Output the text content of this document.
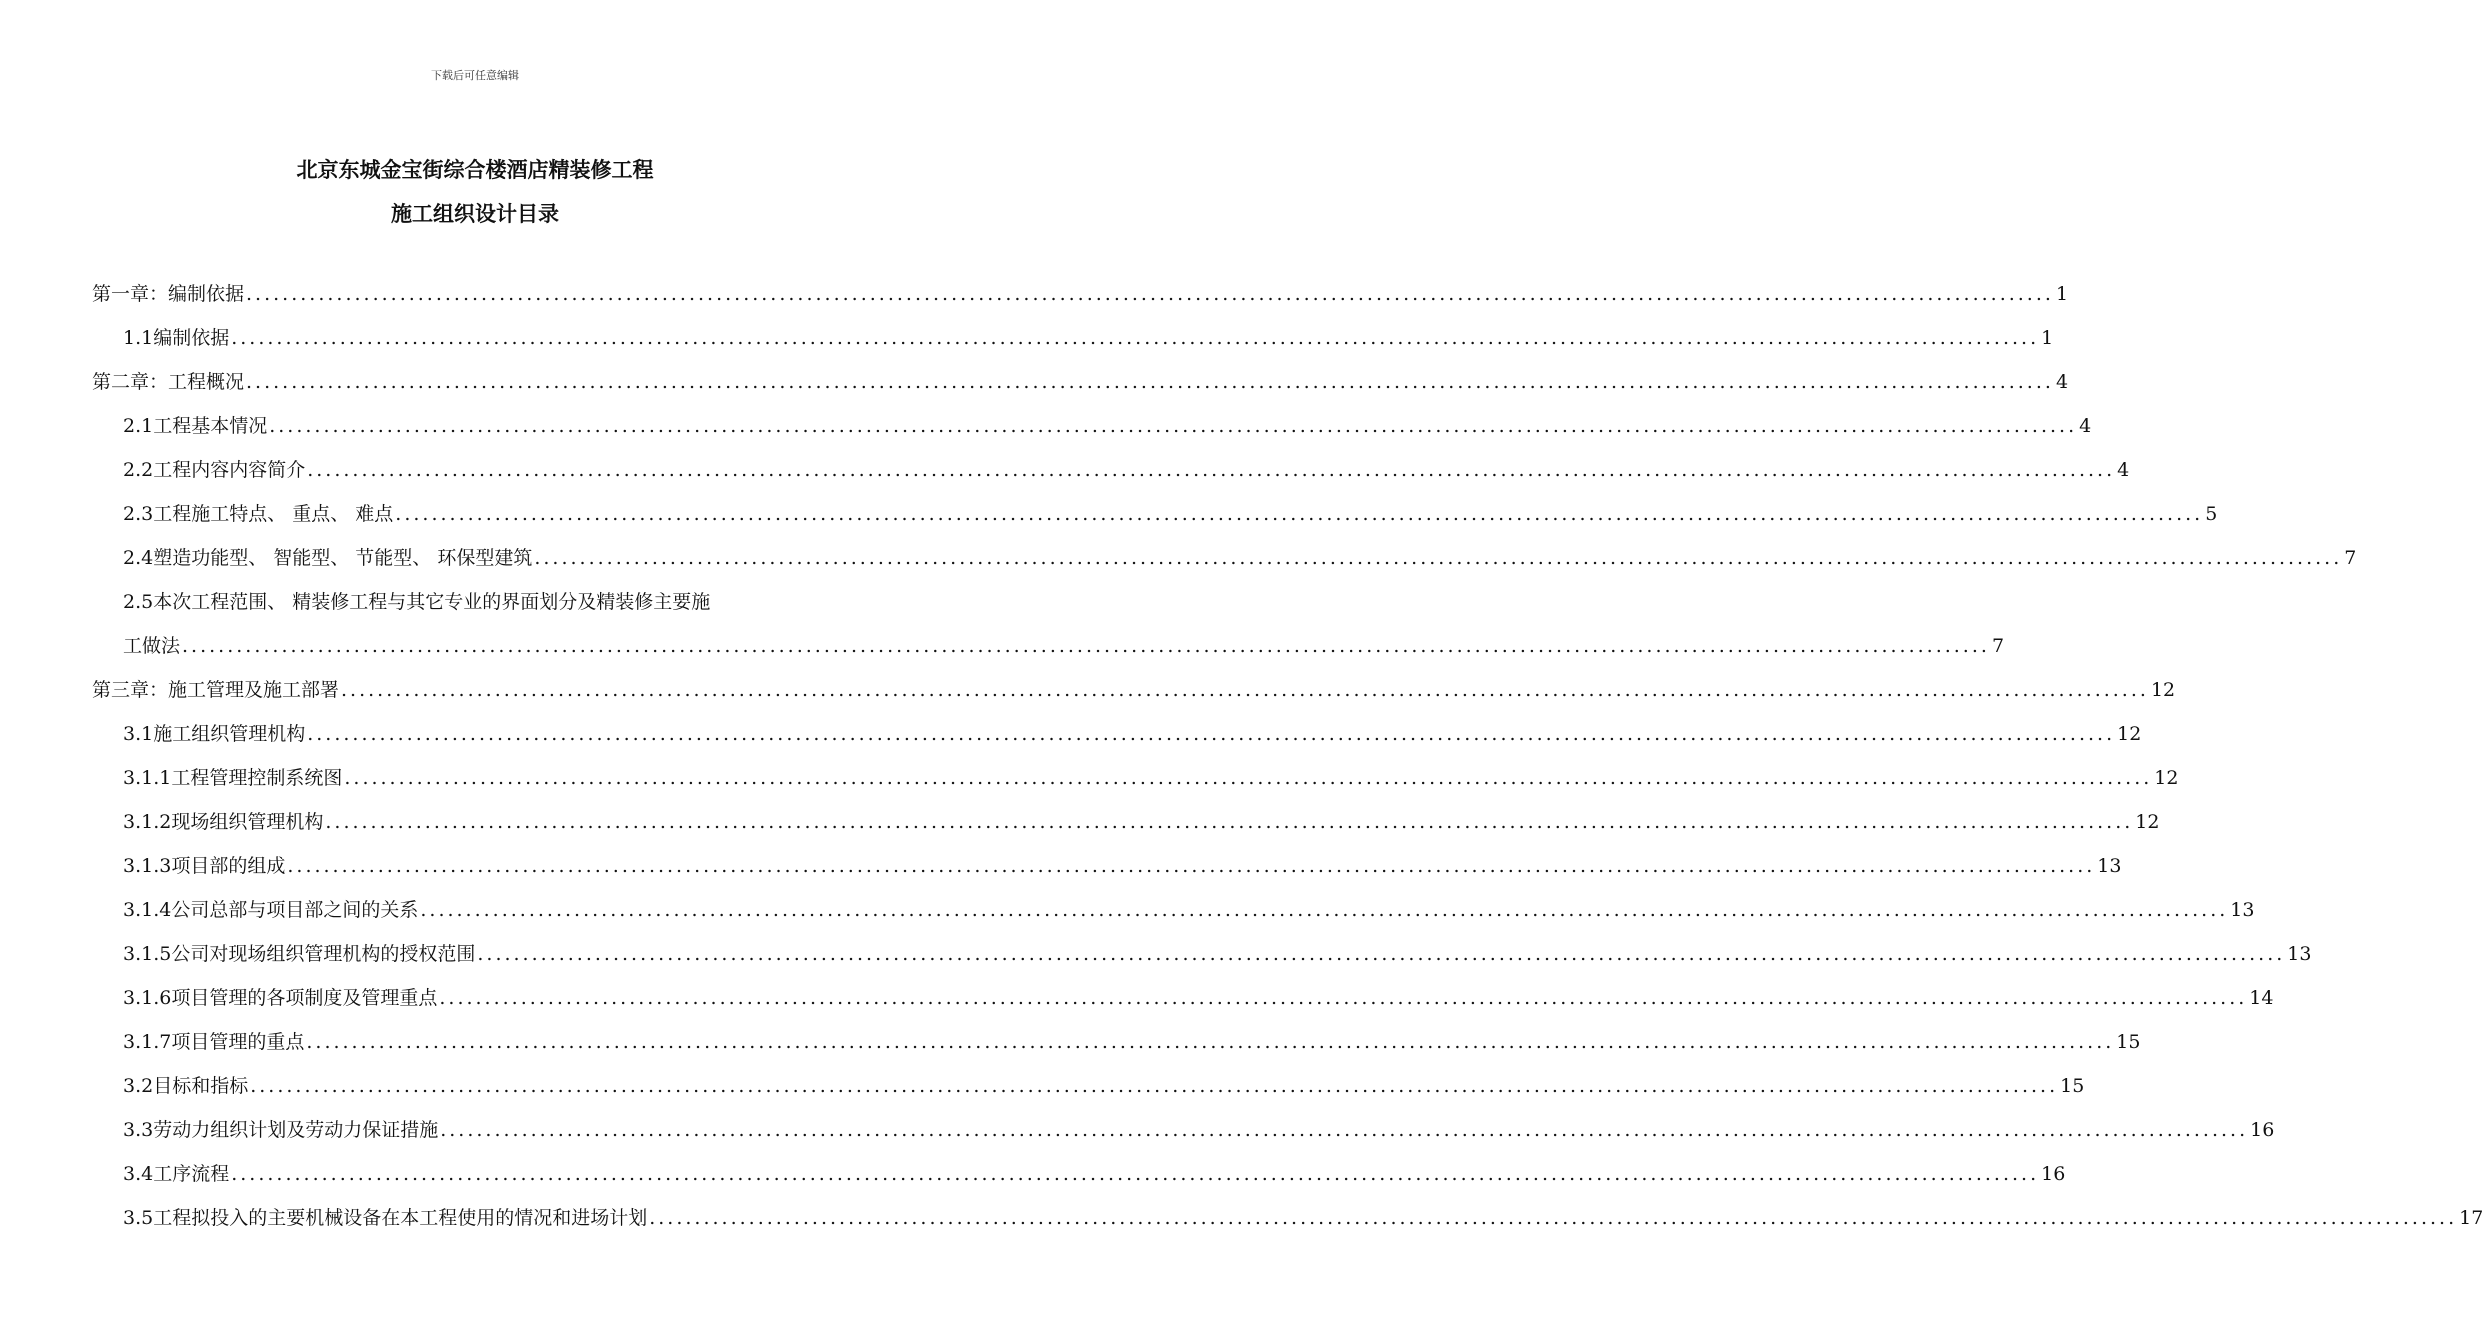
下载后可任意编辑
北京东城金宝街综合楼酒店精装修工程
施工组织设计目录
第一章：编制依据 ........................................................................................................................................................................................................ 1
1.1编制依据 ........................................................................................................................................................................................................ 1
第二章：工程概况 ........................................................................................................................................................................................................ 4
2.1工程基本情况 ........................................................................................................................................................................................................ 4
2.2工程内容内容简介 ........................................................................................................................................................................................................ 4
2.3工程施工特点、 重点、 难点 ........................................................................................................................................................................................................ 5
2.4塑造功能型、 智能型、 节能型、 环保型建筑 ........................................................................................................................................................................................................ 7
2.5本次工程范围、 精装修工程与其它专业的界面划分及精装修主要施
工做法 ........................................................................................................................................................................................................ 7
第三章：施工管理及施工部署 ........................................................................................................................................................................................................ 12
3.1施工组织管理机构 ........................................................................................................................................................................................................ 12
3.1.1工程管理控制系统图 ........................................................................................................................................................................................................ 12
3.1.2现场组织管理机构 ........................................................................................................................................................................................................ 12
3.1.3项目部的组成 ........................................................................................................................................................................................................ 13
3.1.4公司总部与项目部之间的关系 ........................................................................................................................................................................................................ 13
3.1.5公司对现场组织管理机构的授权范围 ........................................................................................................................................................................................................ 13
3.1.6项目管理的各项制度及管理重点 ........................................................................................................................................................................................................ 14
3.1.7项目管理的重点 ........................................................................................................................................................................................................ 15
3.2目标和指标 ........................................................................................................................................................................................................ 15
3.3劳动力组织计划及劳动力保证措施 ........................................................................................................................................................................................................ 16
3.4工序流程 ........................................................................................................................................................................................................ 16
3.5工程拟投入的主要机械设备在本工程使用的情况和进场计划 ........................................................................................................................................................................................................ 17
